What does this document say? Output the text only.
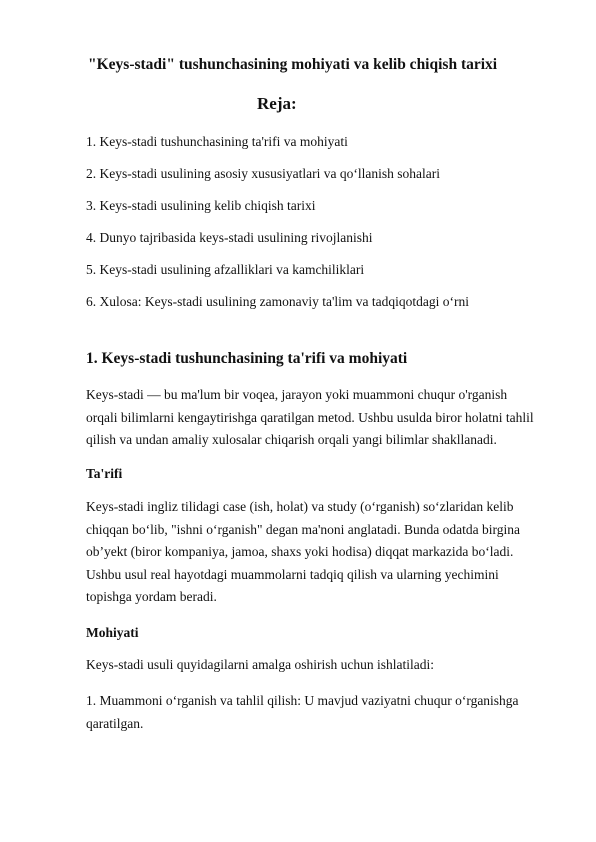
"Keys-stadi" tushunchasining mohiyati va kelib chiqish tarixi
Reja:
1. Keys-stadi tushunchasining ta'rifi va mohiyati
2. Keys-stadi usulining asosiy xususiyatlari va qo‘llanish sohalari
3. Keys-stadi usulining kelib chiqish tarixi
4. Dunyo tajribasida keys-stadi usulining rivojlanishi
5. Keys-stadi usulining afzalliklari va kamchiliklari
6. Xulosa: Keys-stadi usulining zamonaviy ta'lim va tadqiqotdagi o‘rni
1. Keys-stadi tushunchasining ta'rifi va mohiyati
Keys-stadi — bu ma'lum bir voqea, jarayon yoki muammoni chuqur o'rganish
orqali bilimlarni kengaytirishga qaratilgan metod. Ushbu usulda biror holatni tahlil
qilish va undan amaliy xulosalar chiqarish orqali yangi bilimlar shakllanadi.
Ta'rifi
Keys-stadi ingliz tilidagi case (ish, holat) va study (o‘rganish) so‘zlaridan kelib
chiqqan bo‘lib, "ishni o‘rganish" degan ma'noni anglatadi. Bunda odatda birgina
ob’yekt (biror kompaniya, jamoa, shaxs yoki hodisa) diqqat markazida bo‘ladi.
Ushbu usul real hayotdagi muammolarni tadqiq qilish va ularning yechimini
topishga yordam beradi.
Mohiyati
Keys-stadi usuli quyidagilarni amalga oshirish uchun ishlatiladi:
1. Muammoni o‘rganish va tahlil qilish: U mavjud vaziyatni chuqur o‘rganishga
qaratilgan.
